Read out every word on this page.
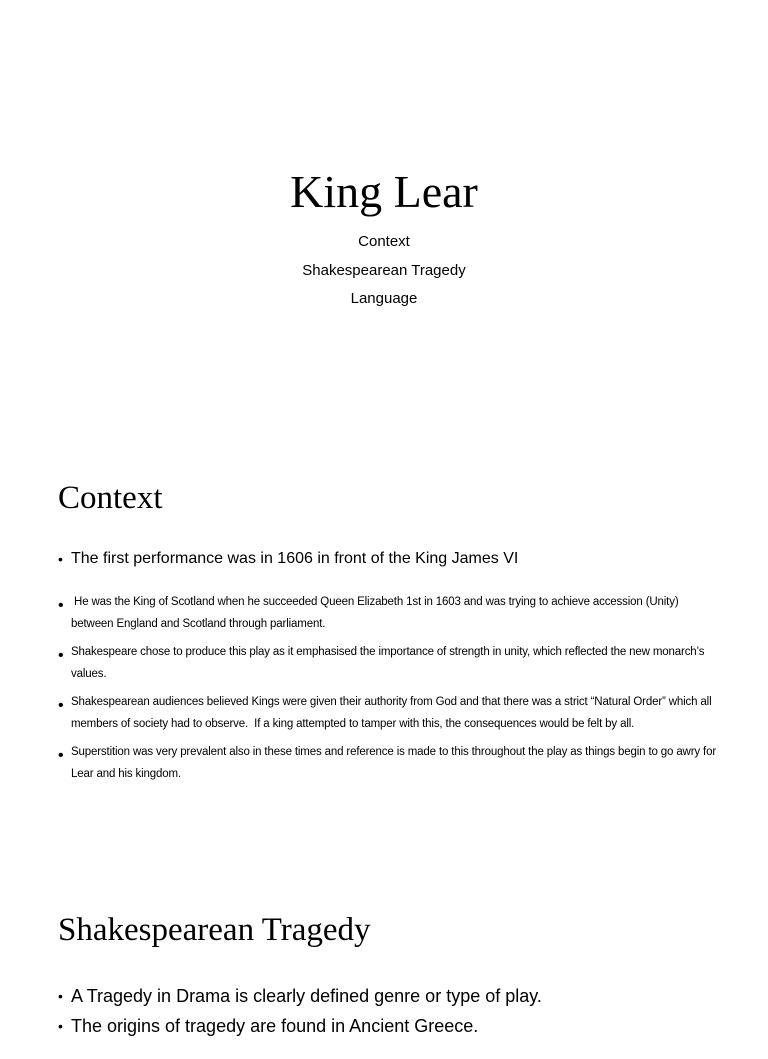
King Lear
Context
Shakespearean Tragedy
Language
Context
• The first performance was in 1606 in front of the King James VI
• He was the King of Scotland when he succeeded Queen Elizabeth 1st in 1603 and was trying to achieve accession (Unity) between England and Scotland through parliament.
• Shakespeare chose to produce this play as it emphasised the importance of strength in unity, which reflected the new monarch’s values.
• Shakespearean audiences believed Kings were given their authority from God and that there was a strict “Natural Order” which all members of society had to observe.  If a king attempted to tamper with this, the consequences would be felt by all.
• Superstition was very prevalent also in these times and reference is made to this throughout the play as things begin to go awry for Lear and his kingdom.
Shakespearean Tragedy
• A Tragedy in Drama is clearly defined genre or type of play.
• The origins of tragedy are found in Ancient Greece.
